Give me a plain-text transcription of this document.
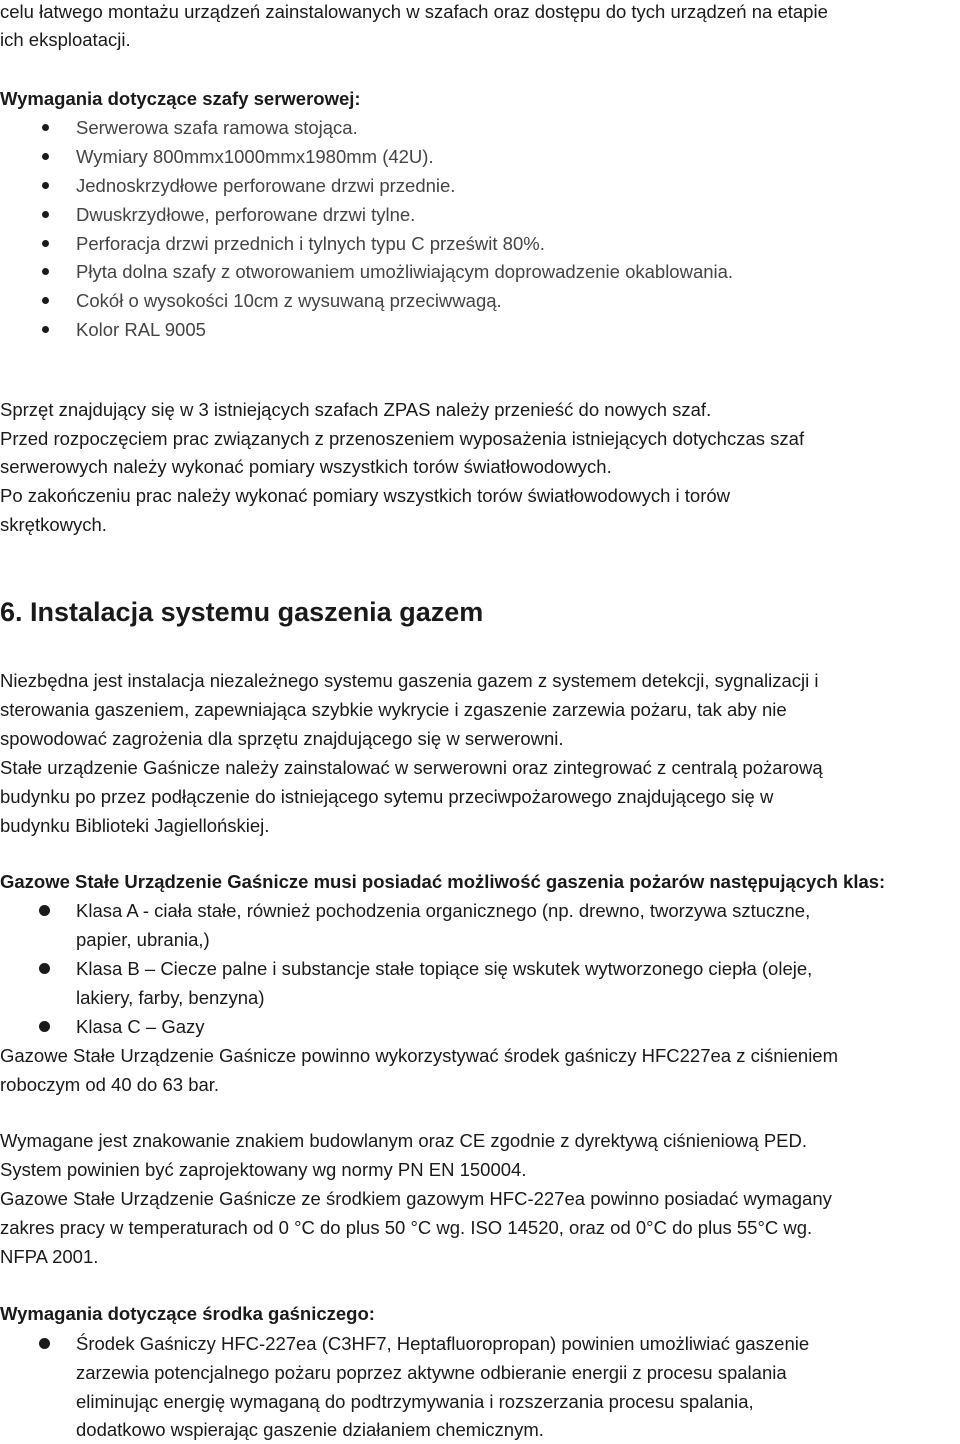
celu łatwego montażu urządzeń zainstalowanych w szafach oraz dostępu do tych urządzeń na etapie
ich eksploatacji.
Wymagania dotyczące szafy serwerowej:
Serwerowa szafa ramowa stojąca.
Wymiary 800mmx1000mmx1980mm (42U).
Jednoskrzydłowe perforowane drzwi przednie.
Dwuskrzydłowe, perforowane drzwi tylne.
Perforacja drzwi przednich i tylnych typu C prześwit 80%.
Płyta dolna szafy z otworowaniem umożliwiającym doprowadzenie okablowania.
Cokół o wysokości 10cm z wysuwaną przeciwwagą.
Kolor RAL 9005
Sprzęt znajdujący się w 3 istniejących szafach ZPAS należy przenieść do nowych szaf.
Przed rozpoczęciem prac związanych z przenoszeniem wyposażenia istniejących dotychczas szaf
serwerowych należy wykonać pomiary wszystkich torów światłowodowych.
Po zakończeniu prac należy wykonać pomiary wszystkich torów światłowodowych i torów
skrętkowych.
6. Instalacja systemu gaszenia gazem
Niezbędna jest instalacja niezależnego systemu gaszenia gazem z systemem detekcji, sygnalizacji i
sterowania gaszeniem, zapewniająca szybkie wykrycie i zgaszenie zarzewia pożaru, tak aby nie
spowodować zagrożenia dla sprzętu znajdującego się w serwerowni.
Stałe urządzenie Gaśnicze należy zainstalować w serwerowni oraz zintegrować z centralą pożarową
budynku po przez podłączenie do istniejącego sytemu przeciwpożarowego znajdującego się w
budynku Biblioteki Jagiellońskiej.
Gazowe Stałe Urządzenie Gaśnicze musi posiadać możliwość gaszenia pożarów następujących klas:
Klasa A - ciała stałe, również pochodzenia organicznego (np. drewno, tworzywa sztuczne,
papier, ubrania,)
Klasa B – Ciecze palne i substancje stałe topiące się wskutek wytworzonego ciepła (oleje,
lakiery, farby, benzyna)
Klasa C – Gazy
Gazowe Stałe Urządzenie Gaśnicze powinno wykorzystywać środek gaśniczy HFC227ea z ciśnieniem
roboczym od 40 do 63 bar.
Wymagane jest znakowanie znakiem budowlanym oraz CE zgodnie z dyrektywą ciśnieniową PED.
System powinien być zaprojektowany wg normy PN EN 150004.
Gazowe Stałe Urządzenie Gaśnicze ze środkiem gazowym HFC-227ea powinno posiadać wymagany
zakres pracy w temperaturach od 0 °C do plus 50 °C wg. ISO 14520, oraz od 0°C do plus 55°C wg.
NFPA 2001.
Wymagania dotyczące środka gaśniczego:
Środek Gaśniczy HFC-227ea (C3HF7, Heptafluoropropan) powinien umożliwiać gaszenie
zarzewia potencjalnego pożaru poprzez aktywne odbieranie energii z procesu spalania
eliminując energię wymaganą do podtrzymywania i rozszerzania procesu spalania,
dodatkowo wspierając gaszenie działaniem chemicznym.
